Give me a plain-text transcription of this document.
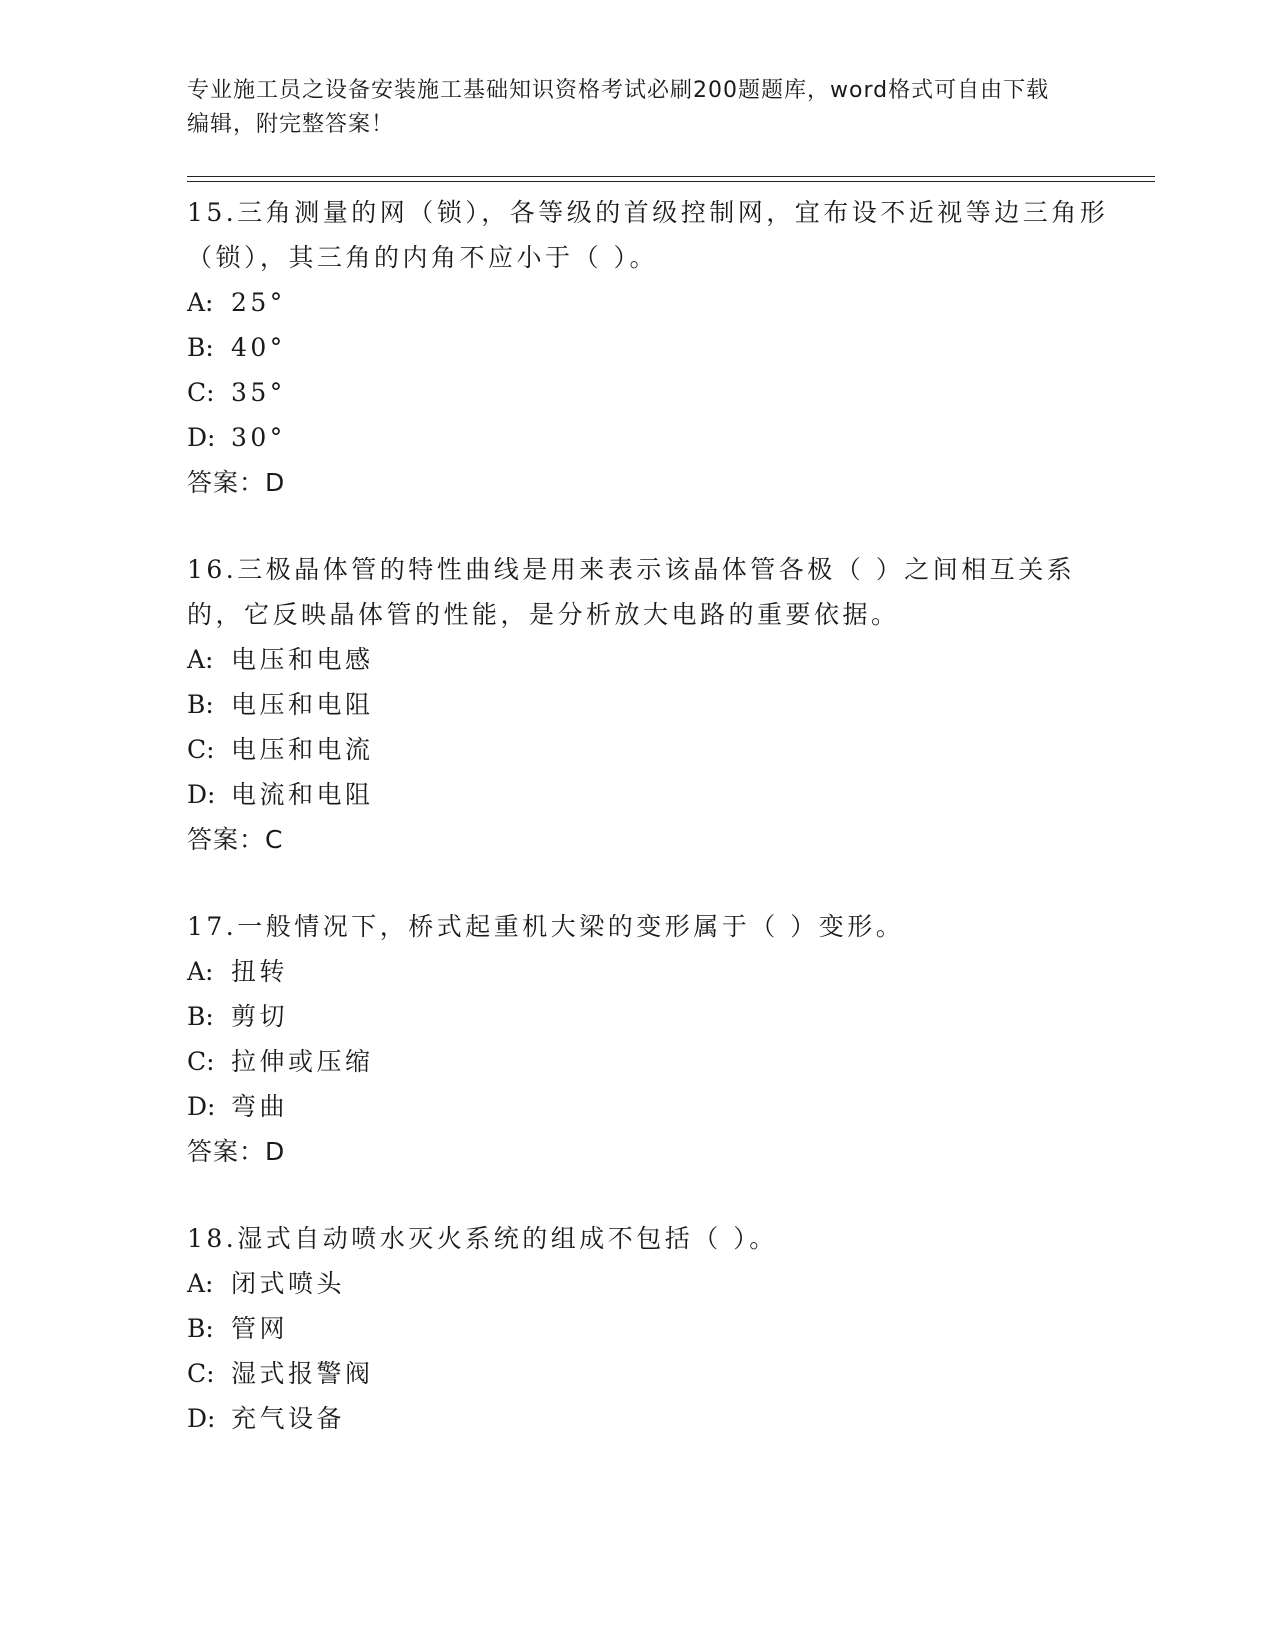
专业施工员之设备安装施工基础知识资格考试必刷200题题库，word格式可自由下载编辑，附完整答案！

15.三角测量的网（锁），各等级的首级控制网，宜布设不近视等边三角形（锁），其三角的内角不应小于（ ）。

A: 25°

B: 40°

C: 35°

D: 30°

答案：D

16.三极晶体管的特性曲线是用来表示该晶体管各极（ ）之间相互关系的，它反映晶体管的性能，是分析放大电路的重要依据。

A: 电压和电感

B: 电压和电阻

C: 电压和电流

D: 电流和电阻

答案：C

17.一般情况下，桥式起重机大梁的变形属于（ ）变形。

A: 扭转

B: 剪切

C: 拉伸或压缩

D: 弯曲

答案：D

18.湿式自动喷水灭火系统的组成不包括（ ）。

A: 闭式喷头

B: 管网

C: 湿式报警阀

D: 充气设备
